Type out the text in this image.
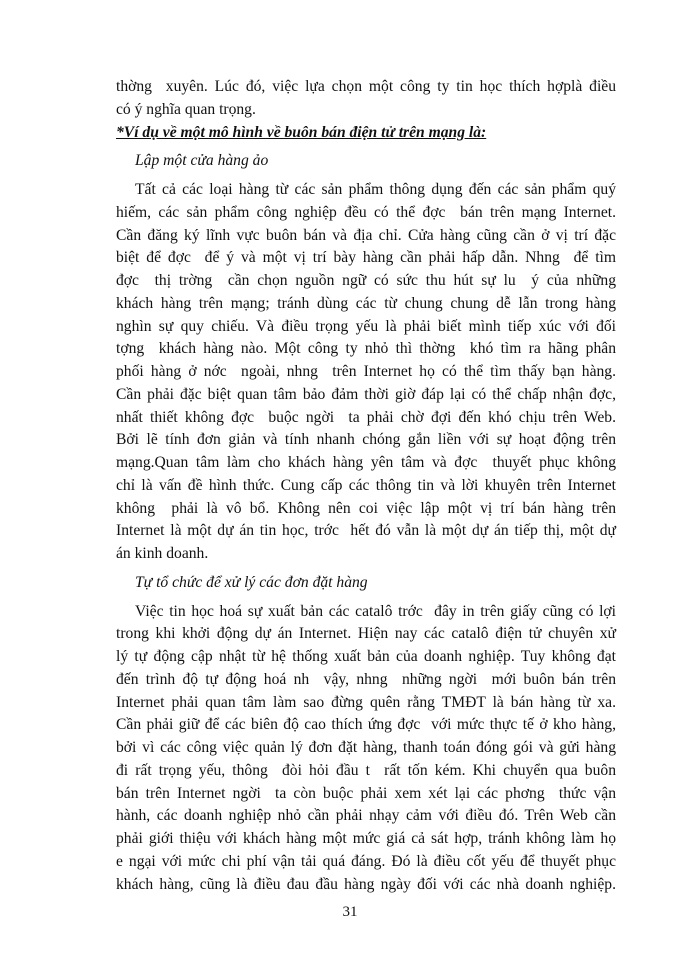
thờng  xuyên. Lúc đó, việc lựa chọn một công ty tin học thích hợplà điều
có ý nghĩa quan trọng.
*Ví dụ về một mô hình về buôn bán điện tử trên mạng là:
Lập một cửa hàng ảo
Tất cả các loại hàng từ các sản phẩm thông dụng đến các sản phẩm quý
hiếm, các sản phẩm công nghiệp đều có thể đợc  bán trên mạng Internet.
Cần đăng ký lĩnh vực buôn bán và địa chỉ. Cửa hàng cũng cần ở vị trí đặc
biệt để đợc  để ý và một vị trí bày hàng cần phải hấp dẫn. Nhng  để tìm
đợc  thị trờng  cần chọn nguồn ngữ có sức thu hút sự lu  ý của những
khách hàng trên mạng; tránh dùng các từ chung chung dễ lẫn trong hàng
nghìn sự quy chiếu. Và điều trọng yếu là phải biết mình tiếp xúc với đối
tợng  khách hàng nào. Một công ty nhỏ thì thờng  khó tìm ra hãng phân
phối hàng ở nớc  ngoài, nhng  trên Internet họ có thể tìm thấy bạn hàng.
Cần phải đặc biệt quan tâm bảo đảm thời giờ đáp lại có thể chấp nhận đợc,
nhất thiết không đợc  buộc ngời  ta phải chờ đợi đến khó chịu trên Web.
Bởi lẽ tính đơn giản và tính nhanh chóng gắn liền với sự hoạt động trên
mạng.Quan tâm làm cho khách hàng yên tâm và đợc  thuyết phục không
chỉ là vấn đề hình thức. Cung cấp các thông tin và lời khuyên trên Internet
không  phải là vô bổ. Không nên coi việc lập một vị trí bán hàng trên
Internet là một dự án tin học, trớc  hết đó vẫn là một dự án tiếp thị, một dự
án kinh doanh.
Tự tổ chức để xử lý các đơn đặt hàng
Việc tin học hoá sự xuất bản các catalô trớc  đây in trên giấy cũng có lợi
trong khi khởi động dự án Internet. Hiện nay các catalô điện tử chuyên xử
lý tự động cập nhật từ hệ thống xuất bản của doanh nghiệp. Tuy không đạt
đến trình độ tự động hoá nh  vậy, nhng  những ngời  mới buôn bán trên
Internet phải quan tâm làm sao đừng quên rằng TMĐT là bán hàng từ xa.
Cần phải giữ để các biên độ cao thích ứng đợc  với mức thực tế ở kho hàng,
bởi vì các công việc quản lý đơn đặt hàng, thanh toán đóng gói và gửi hàng
đi rất trọng yếu, thông  đòi hỏi đầu t  rất tốn kém. Khi chuyển qua buôn
bán trên Internet ngời  ta còn buộc phải xem xét lại các phơng  thức vận
hành, các doanh nghiệp nhỏ cần phải nhạy cảm với điều đó. Trên Web cần
phải giới thiệu với khách hàng một mức giá cả sát hợp, tránh không làm họ
e ngại với mức chi phí vận tải quá đáng. Đó là điều cốt yếu để thuyết phục
khách hàng, cũng là điều đau đầu hàng ngày đối với các nhà doanh nghiệp.
31
